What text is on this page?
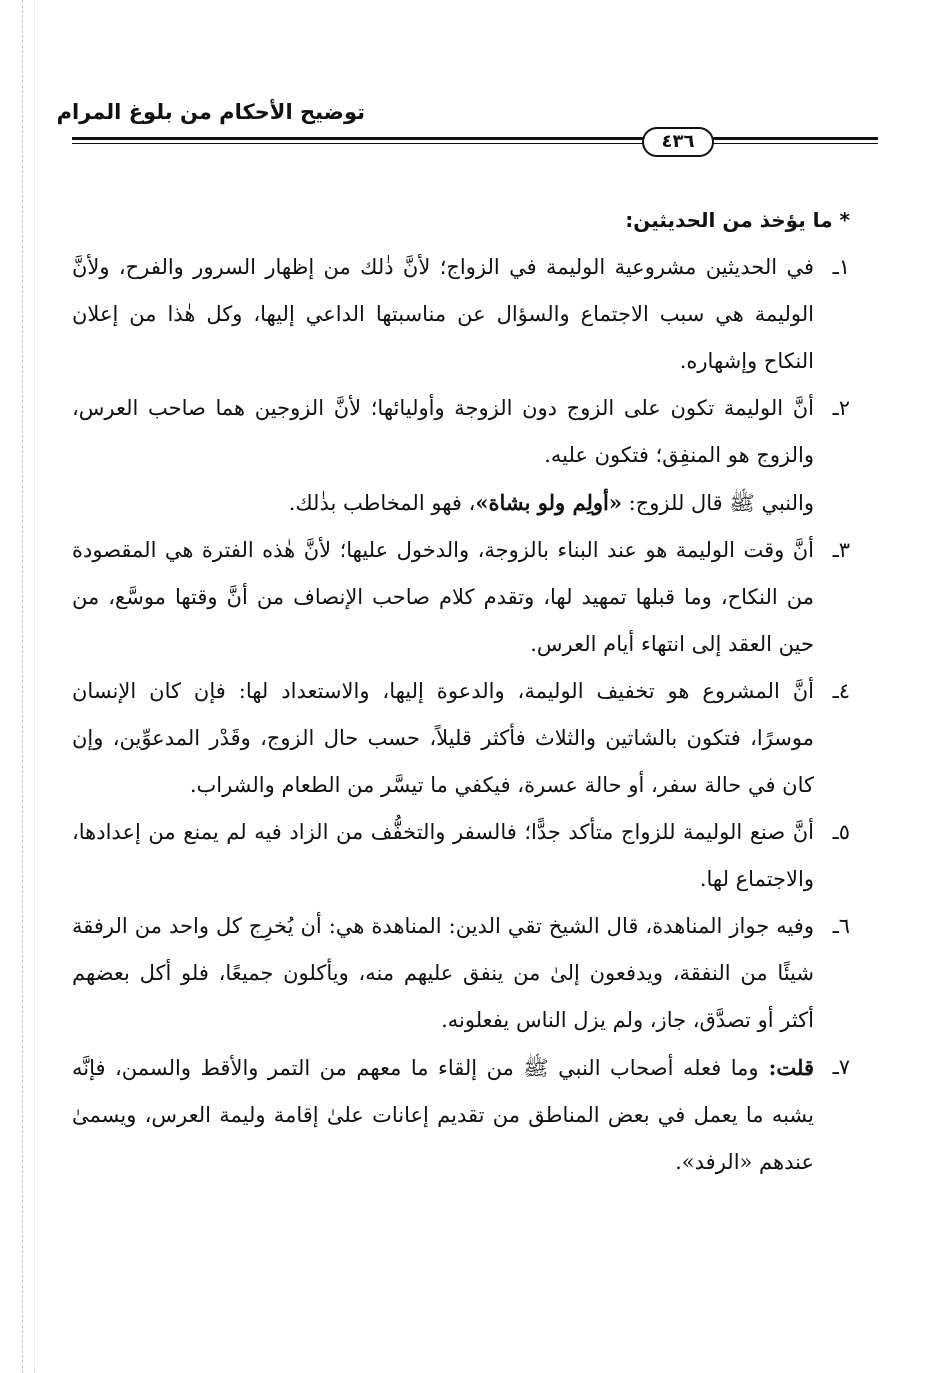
توضيح الأحكام من بلوغ المرام
٤٣٦
* ما يؤخذ من الحديثين:
١ـ
في الحديثين مشروعية الوليمة في الزواج؛ لأنَّ ذٰلك من إظهار السرور والفرح، ولأنَّ الوليمة هي سبب الاجتماع والسؤال عن مناسبتها الداعي إليها، وكل هٰذا من إعلان النكاح وإشهاره.
٢ـ
أنَّ الوليمة تكون على الزوج دون الزوجة وأوليائها؛ لأنَّ الزوجين هما صاحب العرس، والزوج هو المنفِق؛ فتكون عليه.
والنبي ﷺ قال للزوج: «أولِم ولو بشاة»، فهو المخاطب بذٰلك.
٣ـ
أنَّ وقت الوليمة هو عند البناء بالزوجة، والدخول عليها؛ لأنَّ هٰذه الفترة هي المقصودة من النكاح، وما قبلها تمهيد لها، وتقدم كلام صاحب الإنصاف من أنَّ وقتها موسَّع، من حين العقد إلى انتهاء أيام العرس.
٤ـ
أنَّ المشروع هو تخفيف الوليمة، والدعوة إليها، والاستعداد لها: فإن كان الإنسان موسرًا، فتكون بالشاتين والثلاث فأكثر قليلاً، حسب حال الزوج، وقَدْر المدعوِّين، وإن كان في حالة سفر، أو حالة عسرة، فيكفي ما تيسَّر من الطعام والشراب.
٥ـ
أنَّ صنع الوليمة للزواج متأكد جدًّا؛ فالسفر والتخفُّف من الزاد فيه لم يمنع من إعدادها، والاجتماع لها.
٦ـ
وفيه جواز المناهدة، قال الشيخ تقي الدين: المناهدة هي: أن يُخرِج كل واحد من الرفقة شيئًا من النفقة، ويدفعون إلىٰ من ينفق عليهم منه، ويأكلون جميعًا، فلو أكل بعضهم أكثر أو تصدَّق، جاز، ولم يزل الناس يفعلونه.
٧ـ
قلت: وما فعله أصحاب النبي ﷺ من إلقاء ما معهم من التمر والأقط والسمن، فإنَّه يشبه ما يعمل في بعض المناطق من تقديم إعانات علىٰ إقامة وليمة العرس، ويسمىٰ عندهم «الرفد».
